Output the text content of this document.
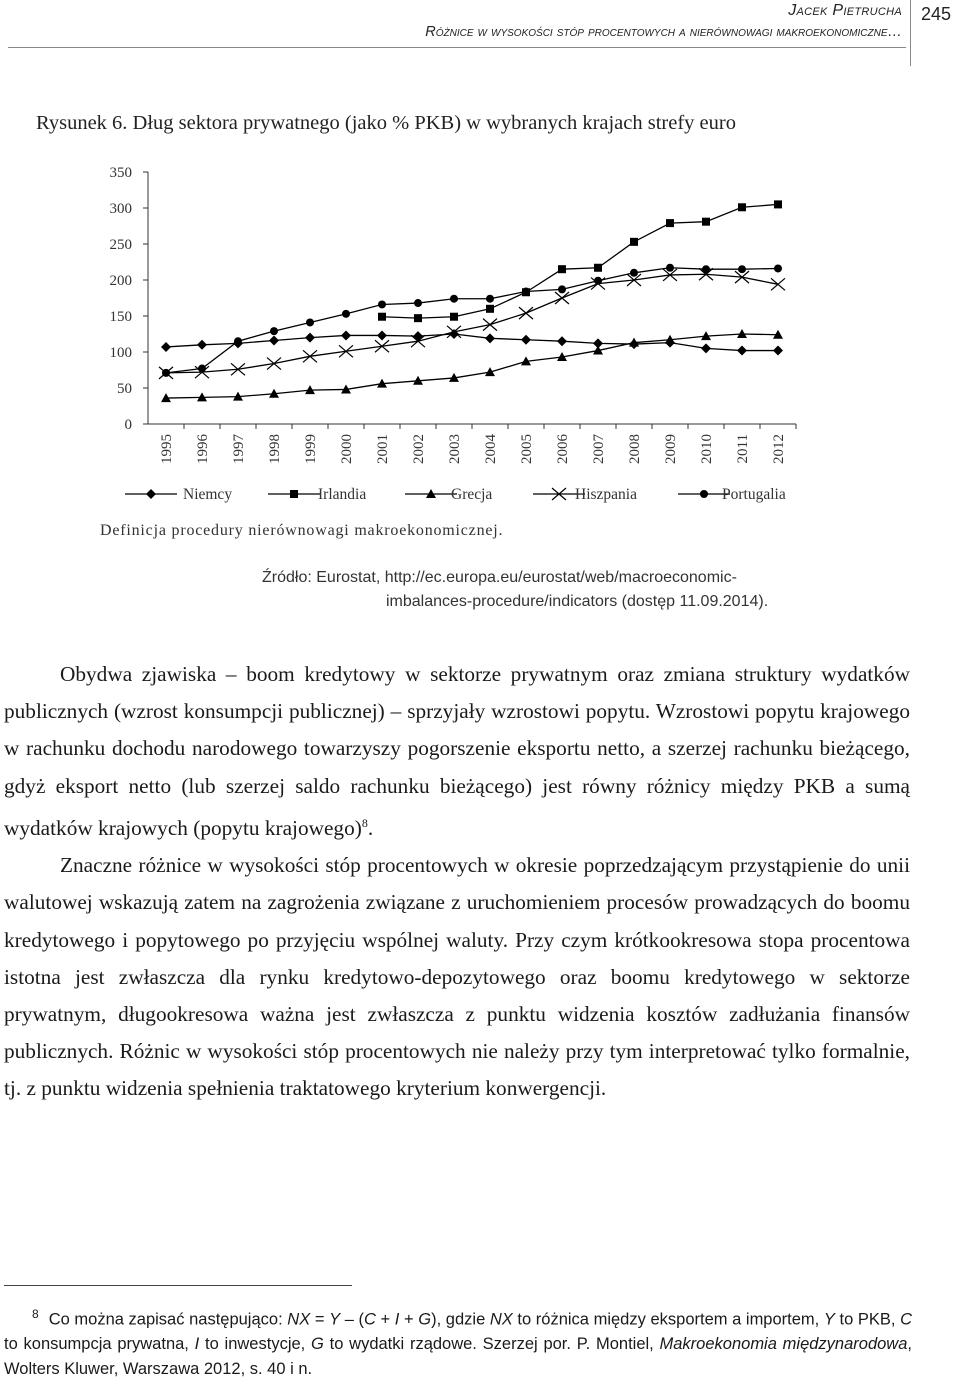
Jacek Pietrucha
Różnice w wysokości stóp procentowych a nierównowagi makroekonomiczne…
245
Rysunek 6. Dług sektora prywatnego (jako % PKB) w wybranych krajach strefy euro
0
50
100
150
200
250
300
350
1995 1996 1997 1998 1999 2000 2001 2002 2003 2004 2005 2006 2007 2008 2009 2010 2011 2012
Niemcy	Irlandia	Grecja	Hiszpania	Portugalia
Definicja procedury nierównowagi makroekonomicznej.
Źródło: Eurostat, http://ec.europa.eu/eurostat/web/macroeconomic-
imbalances-procedure/indicators (dostęp 11.09.2014).

Obydwa zjawiska – boom kredytowy w sektorze prywatnym oraz zmiana struktury wydatków publicznych (wzrost konsumpcji publicznej) – sprzyjały wzrostowi popytu. Wzrostowi popytu krajowego w rachunku dochodu narodowego towarzyszy pogorszenie eksportu netto, a szerzej rachunku bieżącego, gdyż eksport netto (lub szerzej saldo rachunku bieżącego) jest równy różnicy między PKB a sumą wydatków krajowych (popytu krajowego)$^8$.

Znaczne różnice w wysokości stóp procentowych w okresie poprzedzającym przystąpienie do unii walutowej wskazują zatem na zagrożenia związane z uruchomieniem procesów prowadzących do boomu kredytowego i popytowego po przyjęciu wspólnej waluty. Przy czym krótkookresowa stopa procentowa istotna jest zwłaszcza dla rynku kredytowo-depozytowego oraz boomu kredytowego w sektorze prywatnym, długookresowa ważna jest zwłaszcza z punktu widzenia kosztów zadłużania finansów publicznych. Różnic w wysokości stóp procentowych nie należy przy tym interpretować tylko formalnie, tj. z punktu widzenia spełnienia traktatowego kryterium konwergencji.

$^8$ Co można zapisać następująco: NX = Y – (C + I + G), gdzie NX to różnica między eksportem a importem, Y to PKB, C to konsumpcja prywatna, I to inwestycje, G to wydatki rządowe. Szerzej por. P. Montiel, Makroekonomia międzynarodowa, Wolters Kluwer, Warszawa 2012, s. 40 i n.
